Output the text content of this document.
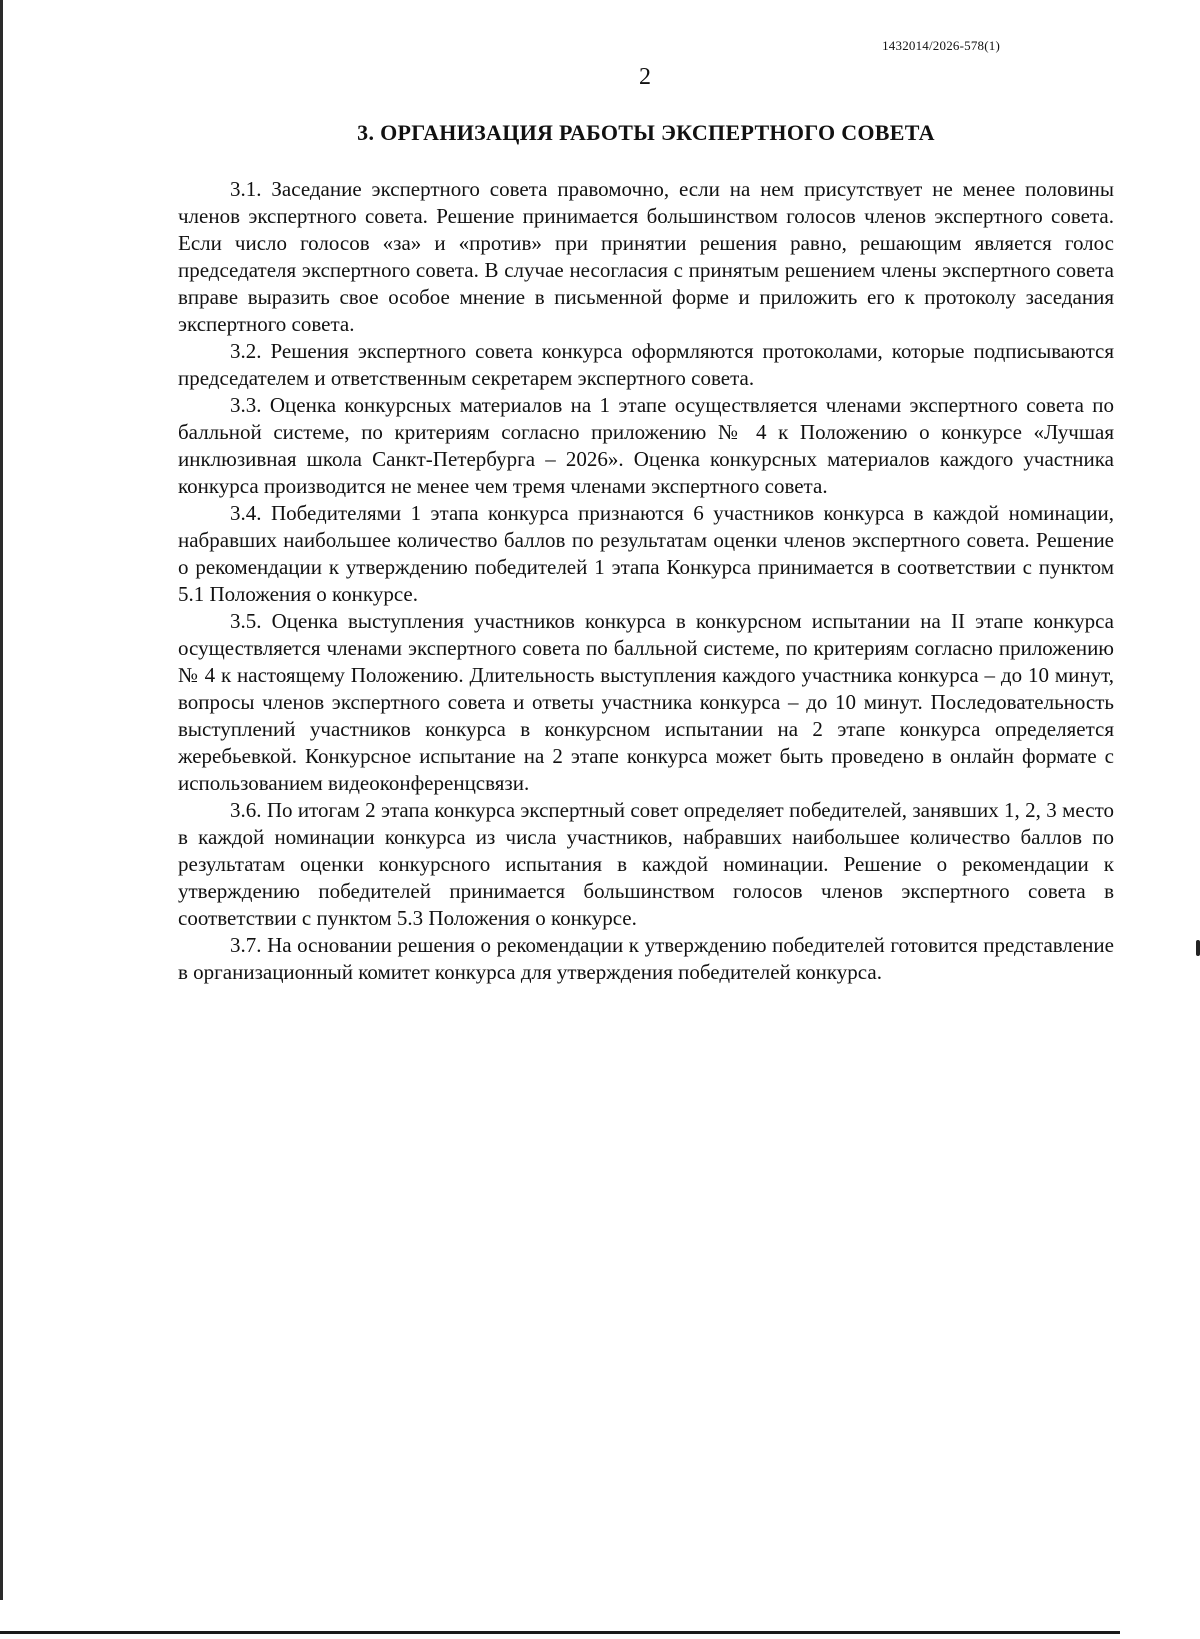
1432014/2026-578(1)
2
3. ОРГАНИЗАЦИЯ РАБОТЫ ЭКСПЕРТНОГО СОВЕТА

3.1. Заседание экспертного совета правомочно, если на нем присутствует не менее половины членов экспертного совета. Решение принимается большинством голосов членов экспертного совета. Если число голосов «за» и «против» при принятии решения равно, решающим является голос председателя экспертного совета. В случае несогласия с принятым решением члены экспертного совета вправе выразить свое особое мнение в письменной форме и приложить его к протоколу заседания экспертного совета.

3.2. Решения экспертного совета конкурса оформляются протоколами, которые подписываются председателем и ответственным секретарем экспертного совета.

3.3. Оценка конкурсных материалов на 1 этапе осуществляется членами экспертного совета по балльной системе, по критериям согласно приложению № 4 к Положению о конкурсе «Лучшая инклюзивная школа Санкт-Петербурга – 2026». Оценка конкурсных материалов каждого участника конкурса производится не менее чем тремя членами экспертного совета.

3.4. Победителями 1 этапа конкурса признаются 6 участников конкурса в каждой номинации, набравших наибольшее количество баллов по результатам оценки членов экспертного совета. Решение о рекомендации к утверждению победителей 1 этапа Конкурса принимается в соответствии с пунктом 5.1 Положения о конкурсе.

3.5. Оценка выступления участников конкурса в конкурсном испытании на II этапе конкурса осуществляется членами экспертного совета по балльной системе, по критериям согласно приложению № 4 к настоящему Положению. Длительность выступления каждого участника конкурса – до 10 минут, вопросы членов экспертного совета и ответы участника конкурса – до 10 минут. Последовательность выступлений участников конкурса в конкурсном испытании на 2 этапе конкурса определяется жеребьевкой. Конкурсное испытание на 2 этапе конкурса может быть проведено в онлайн формате с использованием видеоконференцсвязи.

3.6. По итогам 2 этапа конкурса экспертный совет определяет победителей, занявших 1, 2, 3 место в каждой номинации конкурса из числа участников, набравших наибольшее количество баллов по результатам оценки конкурсного испытания в каждой номинации. Решение о рекомендации к утверждению победителей принимается большинством голосов членов экспертного совета в соответствии с пунктом 5.3 Положения о конкурсе.

3.7. На основании решения о рекомендации к утверждению победителей готовится представление в организационный комитет конкурса для утверждения победителей конкурса.
